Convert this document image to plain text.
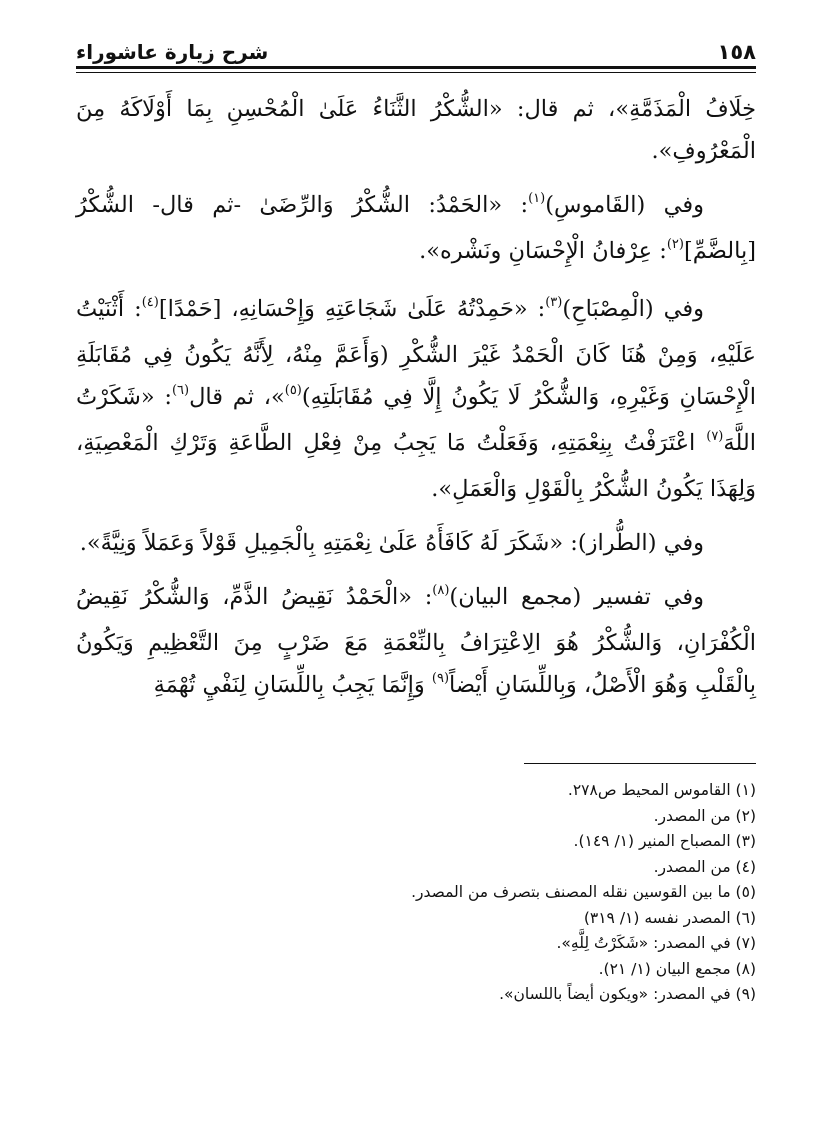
١٥٨
شرح زيارة عاشوراء

خِلَافُ الْمَذَمَّةِ»، ثم قال: «الشُّكْرُ الثَّنَاءُ عَلَىٰ الْمُحْسِنِ بِمَا أَوْلَاكَهُ مِنَ الْمَعْرُوفِ».

وفي (القَاموسِ)$^{(١)}$: «الحَمْدُ: الشُّكْرُ وَالرِّضَىٰ -ثم قال- الشُّكْرُ [بِالضَّمِّ]$^{(٢)}$: عِرْفانُ الْإِحْسَانِ ونَشْره».

وفي (الْمِصْبَاحِ)$^{(٣)}$: «حَمِدْتُهُ عَلَىٰ شَجَاعَتِهِ وَإِحْسَانِهِ، [حَمْدًا]$^{(٤)}$: أَثْنَيْتُ عَلَيْهِ، وَمِنْ هُنَا كَانَ الْحَمْدُ غَيْرَ الشُّكْرِ (وَأَعَمَّ مِنْهُ، لِأَنَّهُ يَكُونُ فِي مُقَابَلَةِ الْإِحْسَانِ وَغَيْرِهِ، وَالشُّكْرُ لَا يَكُونُ إِلَّا فِي مُقَابَلَتِهِ)$^{(٥)}$»، ثم قال$^{(٦)}$: «شَكَرْتُ اللَّهَ$^{(٧)}$ اعْتَرَفْتُ بِنِعْمَتِهِ، وَفَعَلْتُ مَا يَجِبُ مِنْ فِعْلِ الطَّاعَةِ وَتَرْكِ الْمَعْصِيَةِ، وَلِهَذَا يَكُونُ الشُّكْرُ بِالْقَوْلِ وَالْعَمَلِ».

وفي (الطُّراز): «شَكَرَ لَهُ كَافَأَهُ عَلَىٰ نِعْمَتِهِ بِالْجَمِيلِ قَوْلاً وَعَمَلاً وَنِيَّةً».

وفي تفسير (مجمع البيان)$^{(٨)}$: «الْحَمْدُ نَقِيضُ الذَّمِّ، وَالشُّكْرُ نَقِيضُ الْكُفْرَانِ، وَالشُّكْرُ هُوَ الِاعْتِرَافُ بِالنِّعْمَةِ مَعَ ضَرْبٍ مِنَ التَّعْظِيمِ وَيَكُونُ بِالْقَلْبِ وَهُوَ الْأَصْلُ، وَبِاللِّسَانِ أَيْضاً$^{(٩)}$ وَإِنَّمَا يَجِبُ بِاللِّسَانِ لِنَفْيِ تُهْمَةِ

(١) القاموس المحيط ص٢٧٨.
(٢) من المصدر.
(٣) المصباح المنير (١/ ١٤٩).
(٤) من المصدر.
(٥) ما بين القوسين نقله المصنف بتصرف من المصدر.
(٦) المصدر نفسه (١/ ٣١٩)
(٧) في المصدر: «شَكَرْتُ لِلَّهِ».
(٨) مجمع البيان (١/ ٢١).
(٩) في المصدر: «ويكون أيضاً باللسان».
